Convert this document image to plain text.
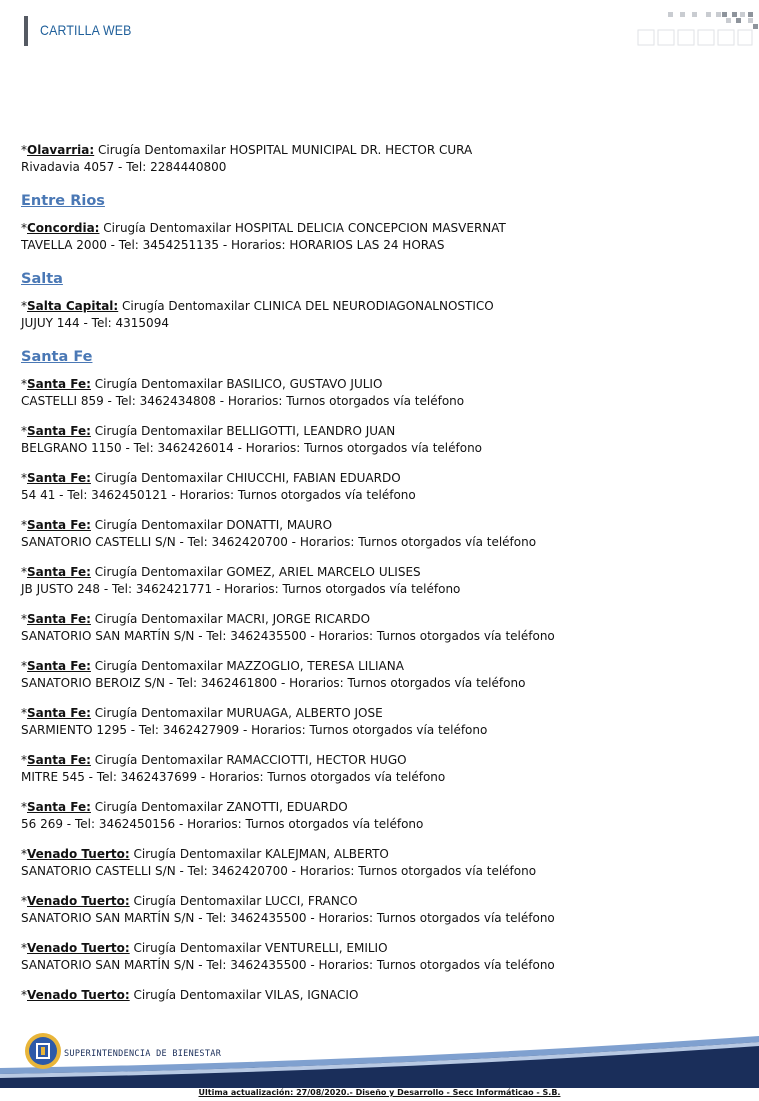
CARTILLA WEB
*Olavarria: Cirugía Dentomaxilar HOSPITAL MUNICIPAL DR. HECTOR CURA
Rivadavia 4057 - Tel: 2284440800
Entre Rios
*Concordia: Cirugía Dentomaxilar HOSPITAL DELICIA CONCEPCION MASVERNAT
TAVELLA 2000 - Tel: 3454251135 - Horarios: HORARIOS LAS 24 HORAS
Salta
*Salta Capital: Cirugía Dentomaxilar CLINICA DEL NEURODIAGONALNOSTICO
JUJUY 144 - Tel: 4315094
Santa Fe
*Santa Fe: Cirugía Dentomaxilar BASILICO, GUSTAVO JULIO
CASTELLI 859 - Tel: 3462434808 - Horarios: Turnos otorgados vía teléfono
*Santa Fe: Cirugía Dentomaxilar BELLIGOTTI, LEANDRO JUAN
BELGRANO 1150 - Tel: 3462426014 - Horarios: Turnos otorgados vía teléfono
*Santa Fe: Cirugía Dentomaxilar CHIUCCHI, FABIAN EDUARDO
54 41 - Tel: 3462450121 - Horarios: Turnos otorgados vía teléfono
*Santa Fe: Cirugía Dentomaxilar DONATTI, MAURO
SANATORIO CASTELLI S/N - Tel: 3462420700 - Horarios: Turnos otorgados vía teléfono
*Santa Fe: Cirugía Dentomaxilar GOMEZ, ARIEL MARCELO ULISES
JB JUSTO 248 - Tel: 3462421771 - Horarios: Turnos otorgados vía teléfono
*Santa Fe: Cirugía Dentomaxilar MACRI, JORGE RICARDO
SANATORIO SAN MARTÍN S/N - Tel: 3462435500 - Horarios: Turnos otorgados vía teléfono
*Santa Fe: Cirugía Dentomaxilar MAZZOGLIO, TERESA LILIANA
SANATORIO BEROIZ S/N - Tel: 3462461800 - Horarios: Turnos otorgados vía teléfono
*Santa Fe: Cirugía Dentomaxilar MURUAGA, ALBERTO JOSE
SARMIENTO 1295 - Tel: 3462427909 - Horarios: Turnos otorgados vía teléfono
*Santa Fe: Cirugía Dentomaxilar RAMACCIOTTI, HECTOR HUGO
MITRE 545 - Tel: 3462437699 - Horarios: Turnos otorgados vía teléfono
*Santa Fe: Cirugía Dentomaxilar ZANOTTI, EDUARDO
56 269 - Tel: 3462450156 - Horarios: Turnos otorgados vía teléfono
*Venado Tuerto: Cirugía Dentomaxilar KALEJMAN, ALBERTO
SANATORIO CASTELLI S/N - Tel: 3462420700 - Horarios: Turnos otorgados vía teléfono
*Venado Tuerto: Cirugía Dentomaxilar LUCCI, FRANCO
SANATORIO SAN MARTÍN S/N - Tel: 3462435500 - Horarios: Turnos otorgados vía teléfono
*Venado Tuerto: Cirugía Dentomaxilar VENTURELLI, EMILIO
SANATORIO SAN MARTÍN S/N - Tel: 3462435500 - Horarios: Turnos otorgados vía teléfono
*Venado Tuerto: Cirugía Dentomaxilar VILAS, IGNACIO
SUPERINTENDENCIA DE BIENESTAR
Ultima actualización: 27/08/2020.- Diseño y Desarrollo - Secc Informáticao - S.B.
